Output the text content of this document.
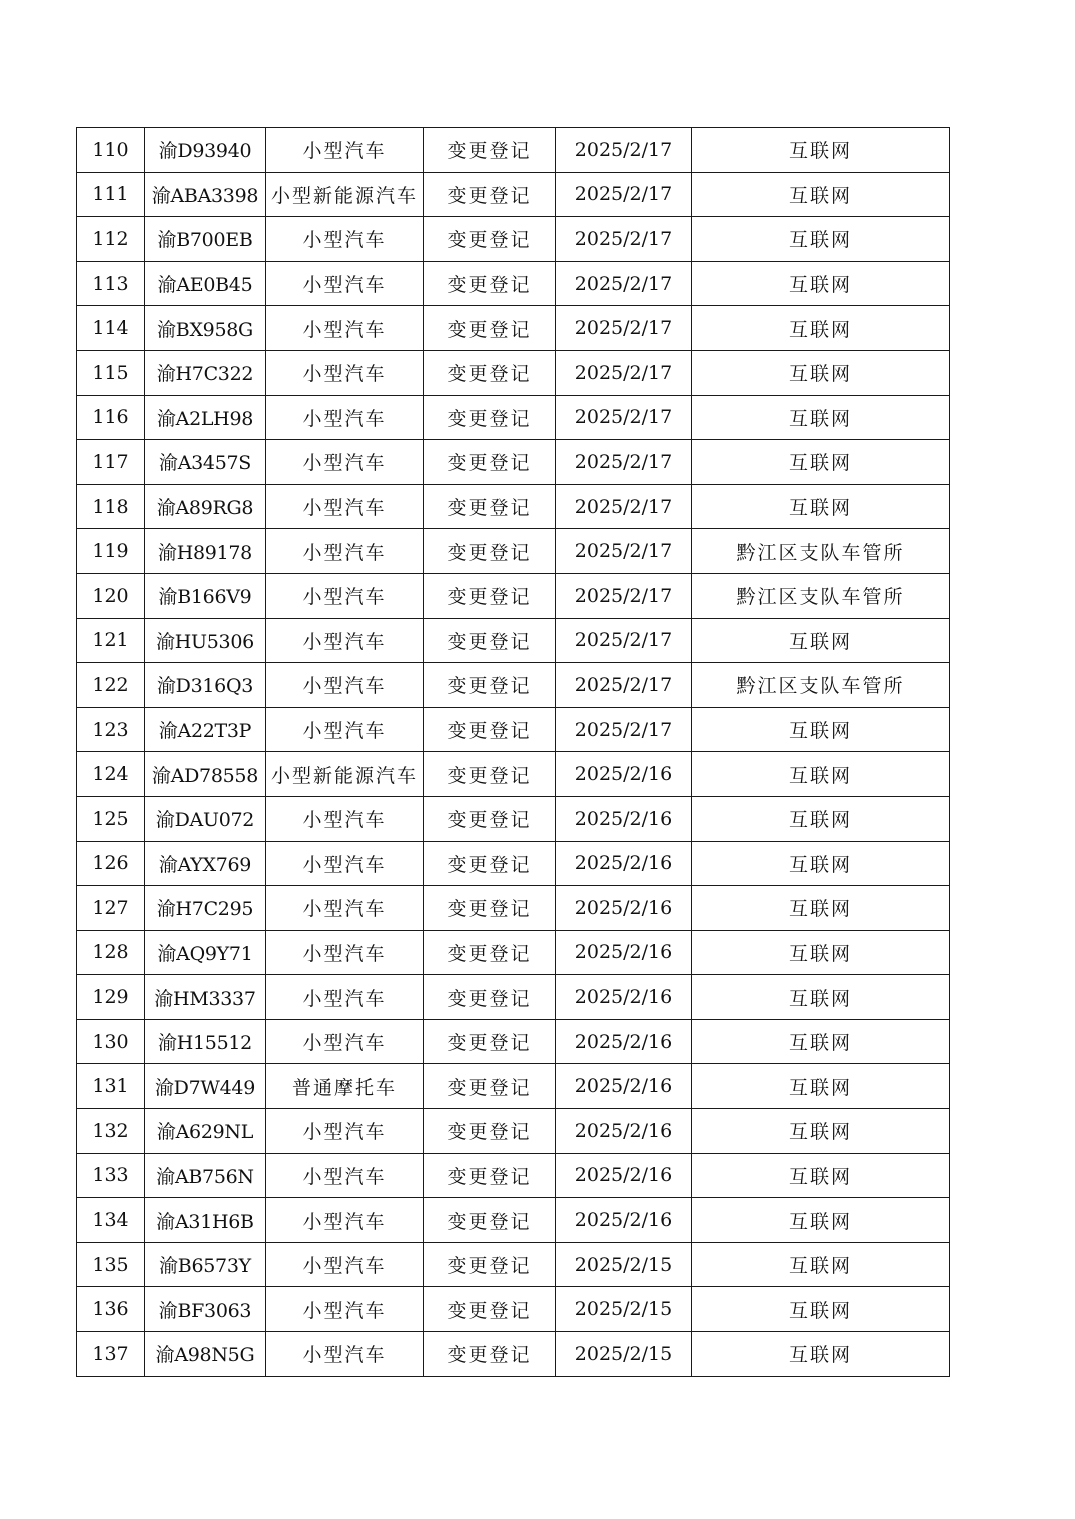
110	渝D93940	小型汽车	变更登记	2025/2/17	互联网
111	渝ABA3398	小型新能源汽车	变更登记	2025/2/17	互联网
112	渝B700EB	小型汽车	变更登记	2025/2/17	互联网
113	渝AE0B45	小型汽车	变更登记	2025/2/17	互联网
114	渝BX958G	小型汽车	变更登记	2025/2/17	互联网
115	渝H7C322	小型汽车	变更登记	2025/2/17	互联网
116	渝A2LH98	小型汽车	变更登记	2025/2/17	互联网
117	渝A3457S	小型汽车	变更登记	2025/2/17	互联网
118	渝A89RG8	小型汽车	变更登记	2025/2/17	互联网
119	渝H89178	小型汽车	变更登记	2025/2/17	黔江区支队车管所
120	渝B166V9	小型汽车	变更登记	2025/2/17	黔江区支队车管所
121	渝HU5306	小型汽车	变更登记	2025/2/17	互联网
122	渝D316Q3	小型汽车	变更登记	2025/2/17	黔江区支队车管所
123	渝A22T3P	小型汽车	变更登记	2025/2/17	互联网
124	渝AD78558	小型新能源汽车	变更登记	2025/2/16	互联网
125	渝DAU072	小型汽车	变更登记	2025/2/16	互联网
126	渝AYX769	小型汽车	变更登记	2025/2/16	互联网
127	渝H7C295	小型汽车	变更登记	2025/2/16	互联网
128	渝AQ9Y71	小型汽车	变更登记	2025/2/16	互联网
129	渝HM3337	小型汽车	变更登记	2025/2/16	互联网
130	渝H15512	小型汽车	变更登记	2025/2/16	互联网
131	渝D7W449	普通摩托车	变更登记	2025/2/16	互联网
132	渝A629NL	小型汽车	变更登记	2025/2/16	互联网
133	渝AB756N	小型汽车	变更登记	2025/2/16	互联网
134	渝A31H6B	小型汽车	变更登记	2025/2/16	互联网
135	渝B6573Y	小型汽车	变更登记	2025/2/15	互联网
136	渝BF3063	小型汽车	变更登记	2025/2/15	互联网
137	渝A98N5G	小型汽车	变更登记	2025/2/15	互联网
